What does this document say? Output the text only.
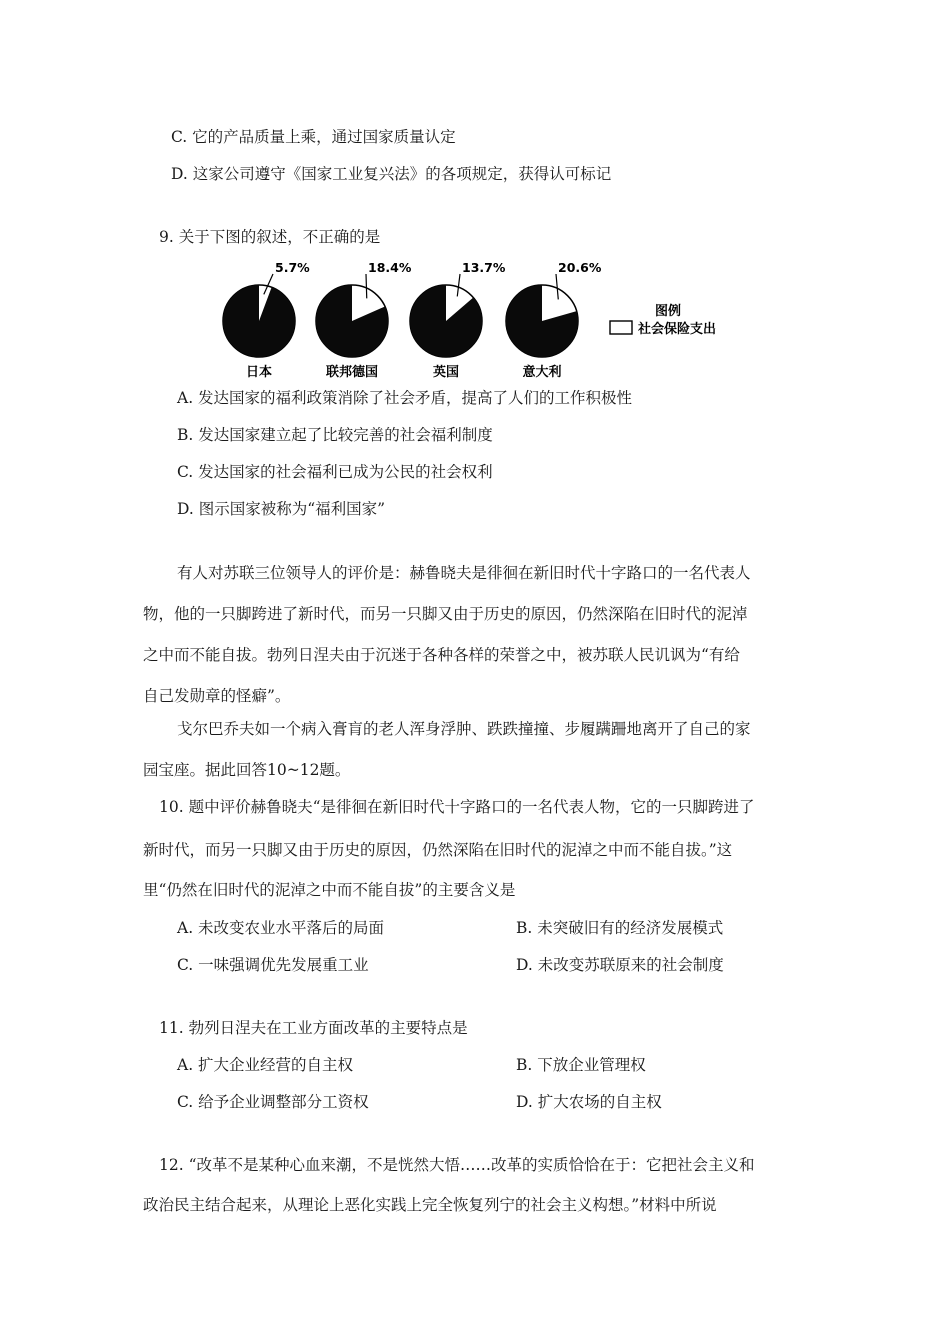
C. 它的产品质量上乘，通过国家质量认定
D. 这家公司遵守《国家工业复兴法》的各项规定，获得认可标记
9. 关于下图的叙述，不正确的是
5.7%
日本
18.4%
联邦德国
13.7%
英国
20.6%
意大利
图例
社会保险支出
A. 发达国家的福利政策消除了社会矛盾，提高了人们的工作积极性
B. 发达国家建立起了比较完善的社会福利制度
C. 发达国家的社会福利已成为公民的社会权利
D. 图示国家被称为“福利国家”
有人对苏联三位领导人的评价是：赫鲁晓夫是徘徊在新旧时代十字路口的一名代表人
物，他的一只脚跨进了新时代，而另一只脚又由于历史的原因，仍然深陷在旧时代的泥淖
之中而不能自拔。勃列日涅夫由于沉迷于各种各样的荣誉之中，被苏联人民讥讽为“有给
自己发勋章的怪癖”。
戈尔巴乔夫如一个病入膏肓的老人浑身浮肿、跌跌撞撞、步履蹒跚地离开了自己的家
园宝座。据此回答10~12题。
10. 题中评价赫鲁晓夫“是徘徊在新旧时代十字路口的一名代表人物，它的一只脚跨进了
新时代，而另一只脚又由于历史的原因，仍然深陷在旧时代的泥淖之中而不能自拔。”这
里“仍然在旧时代的泥淖之中而不能自拔”的主要含义是
A. 未改变农业水平落后的局面	B. 未突破旧有的经济发展模式
C. 一味强调优先发展重工业	D. 未改变苏联原来的社会制度
11. 勃列日涅夫在工业方面改革的主要特点是
A. 扩大企业经营的自主权	B. 下放企业管理权
C. 给予企业调整部分工资权	D. 扩大农场的自主权
12. “改革不是某种心血来潮，不是恍然大悟……改革的实质恰恰在于：它把社会主义和
政治民主结合起来，从理论上恶化实践上完全恢复列宁的社会主义构想。”材料中所说
